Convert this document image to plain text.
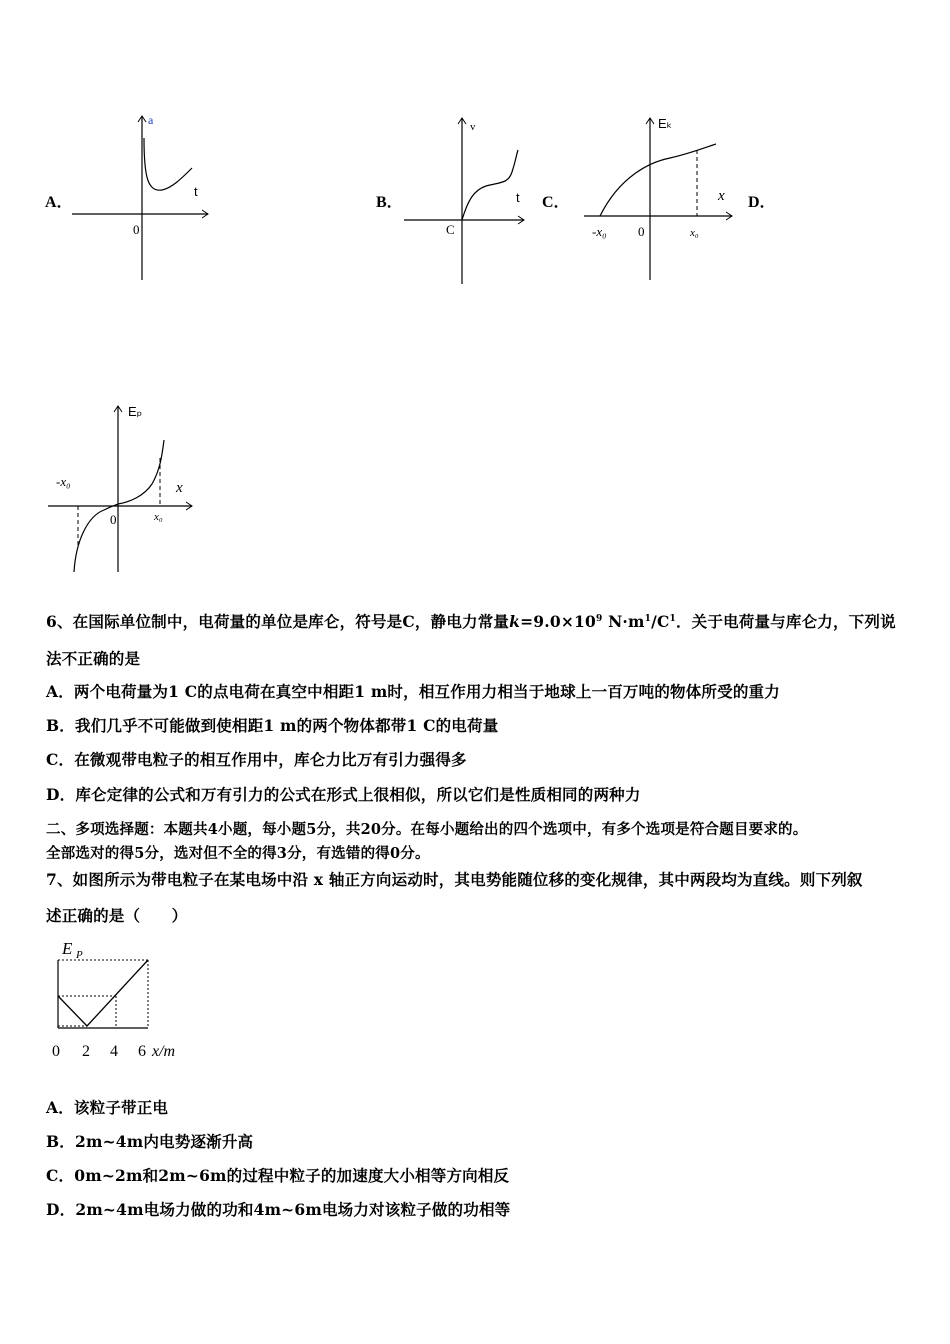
A．
a
t
0
B．
v
t
C
C．
Eₖ
x
0
-x₀	x₀
D．
Eₚ
x
0
-x₀
x₀
6、在国际单位制中，电荷量的单位是库仑，符号是C，静电力常量$k=9.0\times 10^9$ $N\cdot m^1/C^1$．关于电荷量与库仑力，下列说
法不正确的是
A．两个电荷量为1 C的点电荷在真空中相距1 m时，相互作用力相当于地球上一百万吨的物体所受的重力
B．我们几乎不可能做到使相距1 m的两个物体都带1 C的电荷量
C．在微观带电粒子的相互作用中，库仑力比万有引力强得多
D．库仑定律的公式和万有引力的公式在形式上很相似，所以它们是性质相同的两种力
二、多项选择题：本题共4小题，每小题5分，共20分。在每小题给出的四个选项中，有多个选项是符合题目要求的。
全部选对的得5分，选对但不全的得3分，有选错的得0分。
7、如图所示为带电粒子在某电场中沿 x 轴正方向运动时，其电势能随位移的变化规律，其中两段均为直线。则下列叙
述正确的是（　　）
E P
0 2 4 6 x/m
A．该粒子带正电
B．2m~4m内电势逐渐升高
C．0m~2m和2m~6m的过程中粒子的加速度大小相等方向相反
D．2m~4m电场力做的功和4m~6m电场力对该粒子做的功相等
